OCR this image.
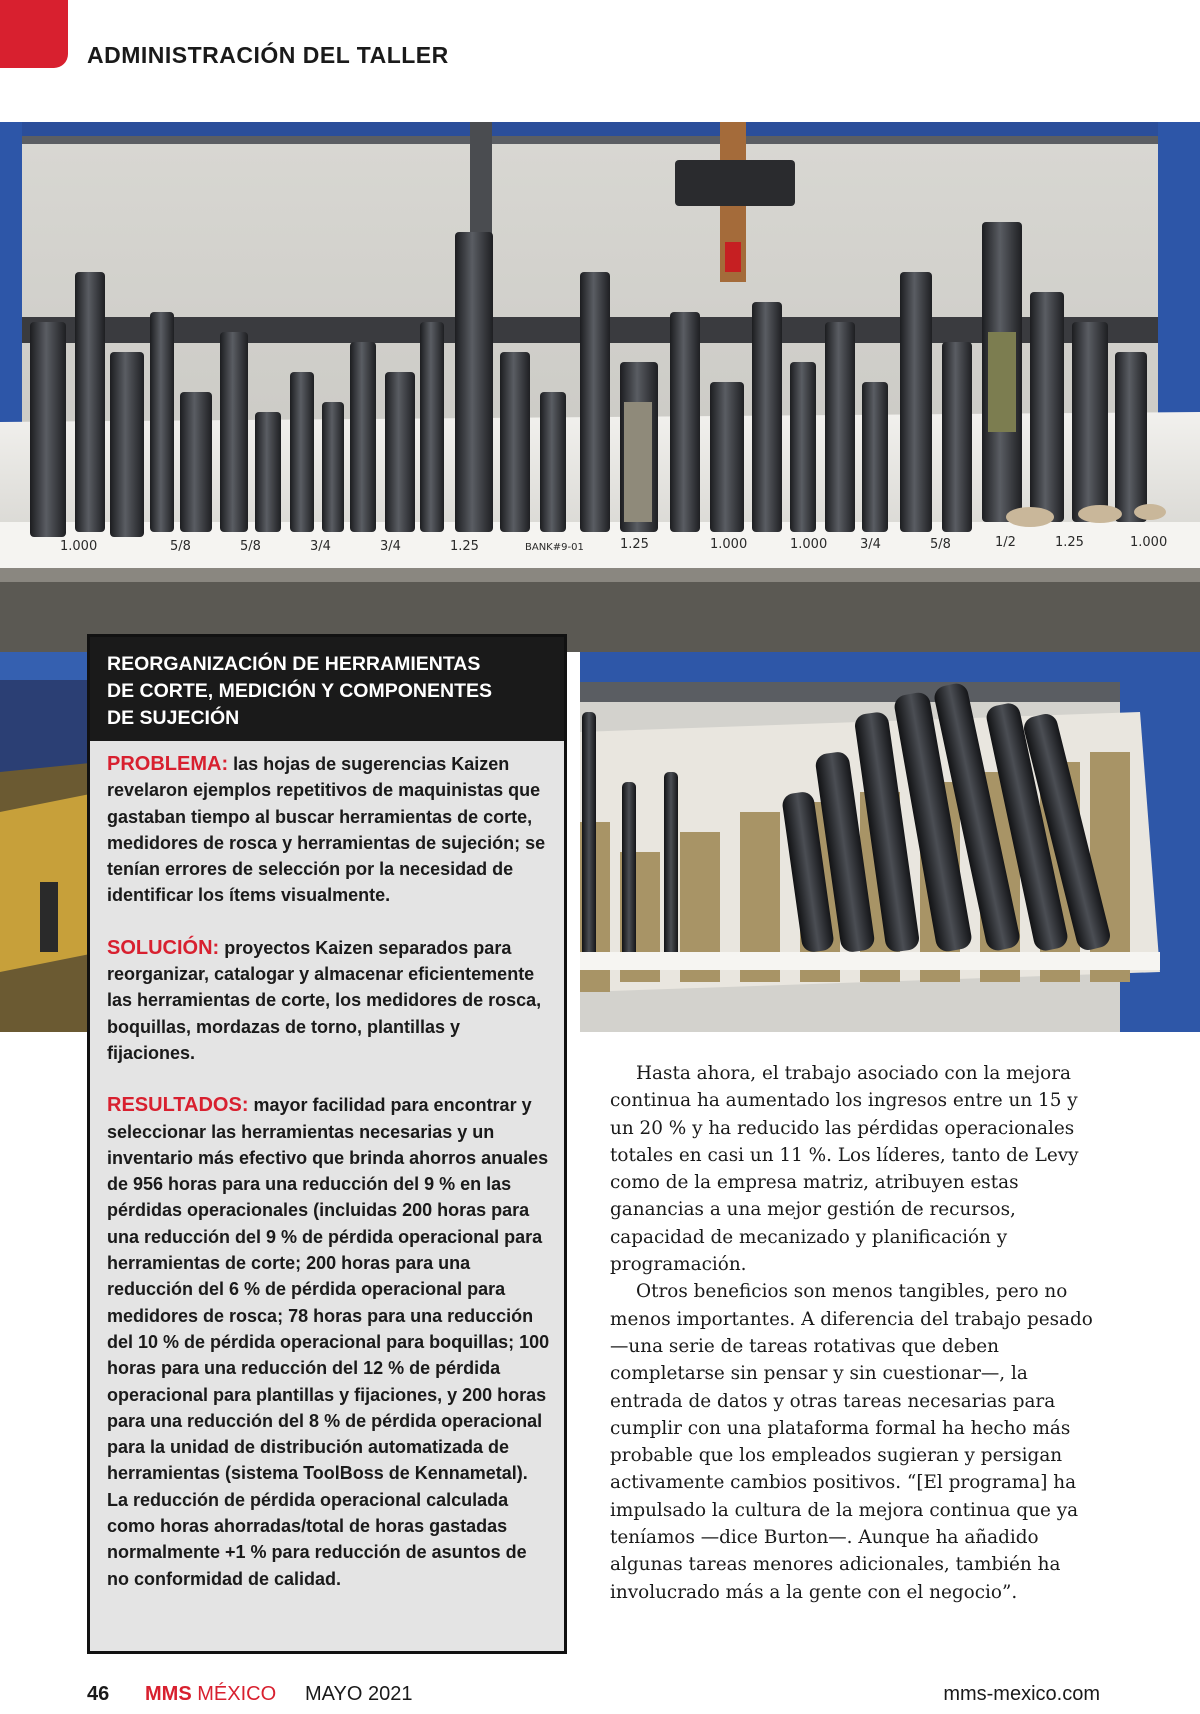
ADMINISTRACIÓN DEL TALLER
1.000	5/8	5/8	3/4	3/4	1.25	BANK#9-01	1.25	1.000	1.000	3/4	5/8	1/2	1.25	1.000
REORGANIZACIÓN DE HERRAMIENTAS
DE CORTE, MEDICIÓN Y COMPONENTES
DE SUJECIÓN

PROBLEMA: las hojas de sugerencias Kaizen revelaron ejemplos repetitivos de maquinistas que gastaban tiempo al buscar herramientas de corte, medidores de rosca y herramientas de sujeción; se tenían errores de selección por la necesidad de identificar los ítems visualmente.

SOLUCIÓN: proyectos Kaizen separados para reorganizar, catalogar y almacenar eficientemente las herramientas de corte, los medidores de rosca, boquillas, mordazas de torno, plantillas y fijaciones.

RESULTADOS: mayor facilidad para encontrar y seleccionar las herramientas necesarias y un inventario más efectivo que brinda ahorros anuales de 956 horas para una reducción del 9 % en las pérdidas operacionales (incluidas 200 horas para una reducción del 9 % de pérdida operacional para herramientas de corte; 200 horas para una reducción del 6 % de pérdida operacional para medidores de rosca; 78 horas para una reducción del 10 % de pérdida operacional para boquillas; 100 horas para una reducción del 12 % de pérdida operacional para plantillas y fijaciones, y 200 horas para una reducción del 8 % de pérdida operacional para la unidad de distribución automatizada de herramientas (sistema ToolBoss de Kennametal). La reducción de pérdida operacional calculada como horas ahorradas/total de horas gastadas normalmente +1 % para reducción de asuntos de no conformidad de calidad.

Hasta ahora, el trabajo asociado con la mejora continua ha aumentado los ingresos entre un 15 y un 20 % y ha reducido las pérdidas operacionales totales en casi un 11 %. Los líderes, tanto de Levy como de la empresa matriz, atribuyen estas ganancias a una mejor gestión de recursos, capacidad de mecanizado y planificación y programación.

Otros beneficios son menos tangibles, pero no menos importantes. A diferencia del trabajo pesado —una serie de tareas rotativas que deben completarse sin pensar y sin cuestionar—, la entrada de datos y otras tareas necesarias para cumplir con una plataforma formal ha hecho más probable que los empleados sugieran y persigan activamente cambios positivos. “[El programa] ha impulsado la cultura de la mejora continua que ya teníamos —dice Burton—. Aunque ha añadido algunas tareas menores adicionales, también ha involucrado más a la gente con el negocio”.

46 MMS MÉXICO MAYO 2021	mms-mexico.com
